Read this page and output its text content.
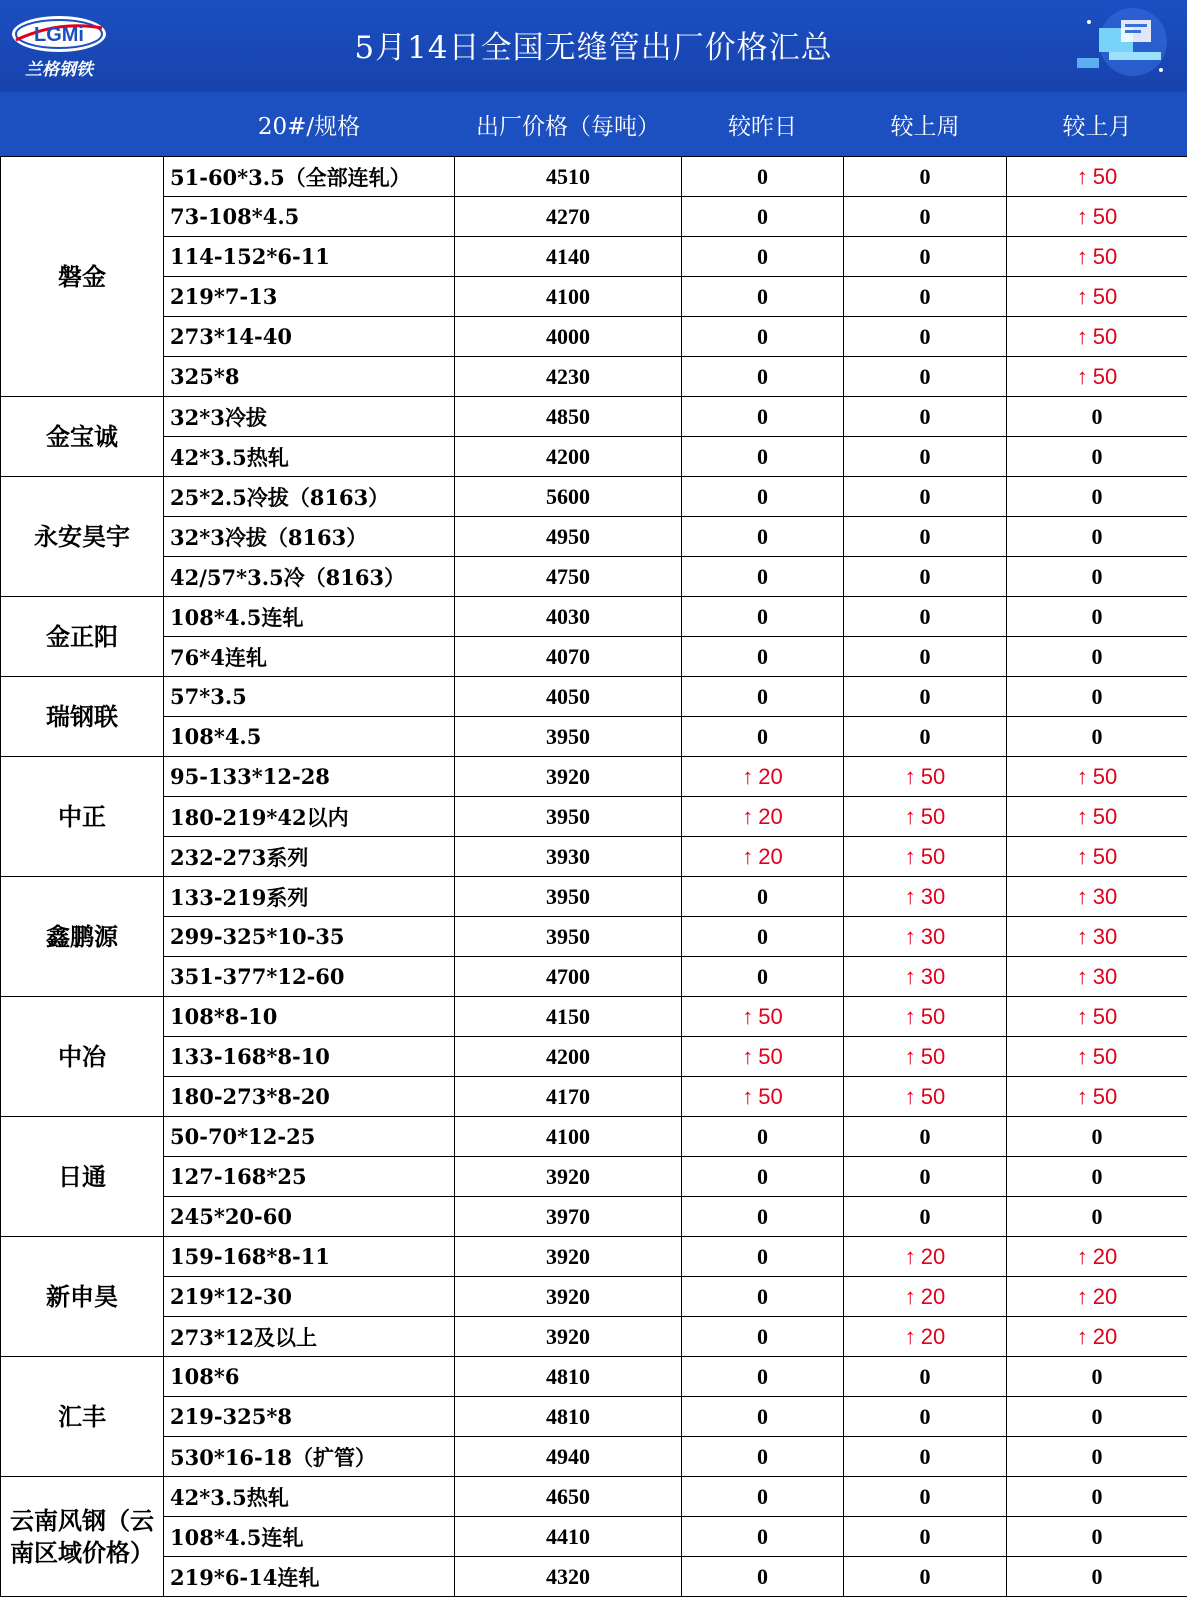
LGMi
兰格钢铁
5月14日全国无缝管出厂价格汇总
	20#/规格	出厂价格（每吨）	较昨日	较上周	较上月
磐金	51-60*3.5（全部连轧）	4510	0	0	↑ 50
	73-108*4.5	4270	0	0	↑ 50
	114-152*6-11	4140	0	0	↑ 50
	219*7-13	4100	0	0	↑ 50
	273*14-40	4000	0	0	↑ 50
	325*8	4230	0	0	↑ 50
金宝诚	32*3冷拔	4850	0	0	0
	42*3.5热轧	4200	0	0	0
永安昊宇	25*2.5冷拔（8163）	5600	0	0	0
	32*3冷拔（8163）	4950	0	0	0
	42/57*3.5冷（8163）	4750	0	0	0
金正阳	108*4.5连轧	4030	0	0	0
	76*4连轧	4070	0	0	0
瑞钢联	57*3.5	4050	0	0	0
	108*4.5	3950	0	0	0
中正	95-133*12-28	3920	↑ 20	↑ 50	↑ 50
	180-219*42以内	3950	↑ 20	↑ 50	↑ 50
	232-273系列	3930	↑ 20	↑ 50	↑ 50
鑫鹏源	133-219系列	3950	0	↑ 30	↑ 30
	299-325*10-35	3950	0	↑ 30	↑ 30
	351-377*12-60	4700	0	↑ 30	↑ 30
中冶	108*8-10	4150	↑ 50	↑ 50	↑ 50
	133-168*8-10	4200	↑ 50	↑ 50	↑ 50
	180-273*8-20	4170	↑ 50	↑ 50	↑ 50
日通	50-70*12-25	4100	0	0	0
	127-168*25	3920	0	0	0
	245*20-60	3970	0	0	0
新申昊	159-168*8-11	3920	0	↑ 20	↑ 20
	219*12-30	3920	0	↑ 20	↑ 20
	273*12及以上	3920	0	↑ 20	↑ 20
汇丰	108*6	4810	0	0	0
	219-325*8	4810	0	0	0
	530*16-18（扩管）	4940	0	0	0
云南风钢（云南区域价格）	42*3.5热轧	4650	0	0	0
	108*4.5连轧	4410	0	0	0
	219*6-14连轧	4320	0	0	0
